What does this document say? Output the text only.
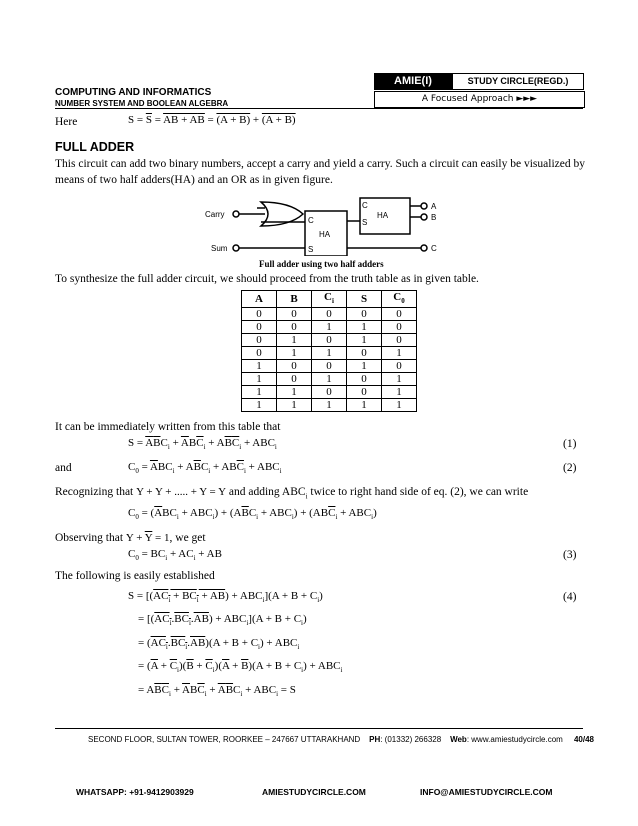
AMIE(I)	STUDY CIRCLE(REGD.)
A Focused Approach ►►►
COMPUTING AND INFORMATICS
NUMBER SYSTEM AND BOOLEAN ALGEBRA
Here	$S = \overline{S}$ = AB + AB = (A + B) + (A + B)
FULL ADDER
This circuit can add two binary numbers, accept a carry and yield a carry. Such a circuit can easily be visualized by means of two half adders(HA) and an OR as in given figure.
Carry
Sum
C
S
HA
C
S
HA
A
B
C
Full adder using two half adders
To synthesize the full adder circuit, we should proceed from the truth table as in given table.
A	B	$C_i$	S	$C_0$
0	0	0	0	0
0	0	1	1	0
0	1	0	1	0
0	1	1	0	1
1	0	0	1	0
1	0	1	0	1
1	1	0	0	1
1	1	1	1	1
It can be immediately written from this table that
$S = \overline{A}\overline{B}C_i + \overline{A}B\overline{C}_i + A\overline{B}\overline{C}_i + ABC_i$	(1)
and	$C_0 = \overline{A}BC_i + A\overline{B}C_i + AB\overline{C}_i + ABC_i$	(2)
Recognizing that Y + Y + ..... + Y = Y and adding $ABC_i$ twice to right hand side of eq. (2), we can write
$C_0 = (\overline{A}BC_i + ABC_i) + (A\overline{B}C_i + ABC_i) + (AB\overline{C}_i + ABC_i)$
Observing that $Y + \overline{Y} = 1$, we get
$C_0 = BC_i + AC_i$ + AB	(3)
The following is easily established
$S = [(AC_i + BC_i + AB) + ABC_i](A + B + C_i)$	(4)
= $[(AC_i.BC_i.\overline{AB}) + ABC_i](A + B + C_i)$
= $(AC_i.BC_i.\overline{AB})(A + B + C_i) + ABC_i$
= $(\overline{A} + \overline{C}_i)(\overline{B} + \overline{C}_i)(\overline{A} + \overline{B})(A + B + C_i) + ABC_i$
= $A\overline{B}\overline{C}_i + \overline{A}B\overline{C}_i + \overline{A}\overline{B}C_i + ABC_i = S$
SECOND FLOOR, SULTAN TOWER, ROORKEE – 247667 UTTARAKHAND PH: (01332) 266328 Web: www.amiestudycircle.com 40/48
WHATSAPP: +91-9412903929	AMIESTUDYCIRCLE.COM	INFO@AMIESTUDYCIRCLE.COM
